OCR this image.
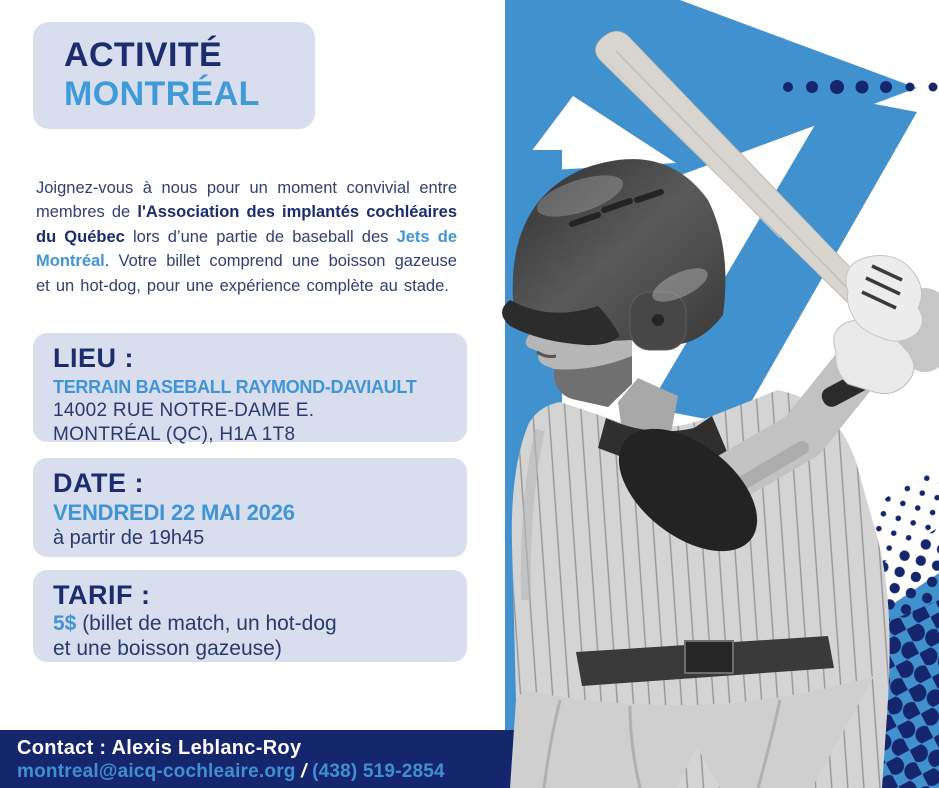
ACTIVITÉ
MONTRÉAL

Joignez-vous à nous pour un moment convivial entre membres de l'Association des implantés cochléaires du Québec lors d’une partie de baseball des Jets de Montréal. Votre billet comprend une boisson gazeuse et un hot-dog, pour une expérience complète au stade.

LIEU :
TERRAIN BASEBALL RAYMOND-DAVIAULT
14002 RUE NOTRE-DAME E.
MONTRÉAL (QC), H1A 1T8
DATE :
VENDREDI 22 MAI 2026
à partir de 19h45
TARIF :
5$ (billet de match, un hot-dog
et une boisson gazeuse)
Contact : Alexis Leblanc-Roy
montreal@aicq-cochleaire.org / (438) 519-2854
